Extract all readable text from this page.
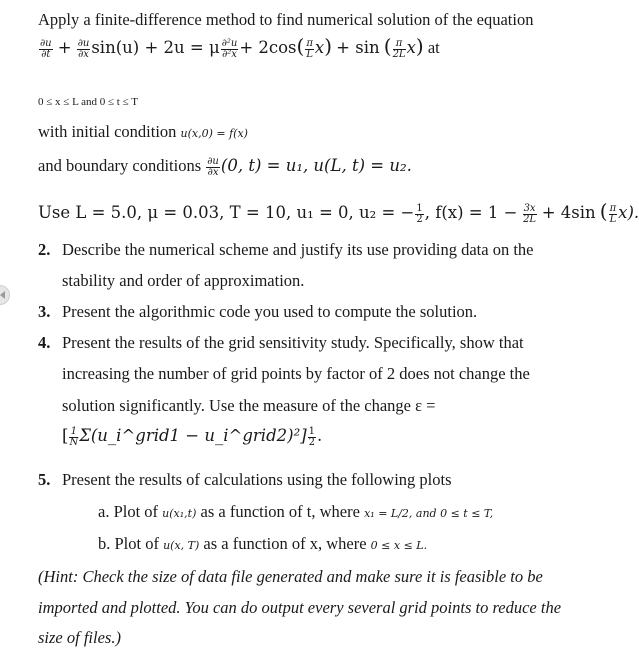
Apply a finite-difference method to find numerical solution of the equation
$\frac{\partial u}{\partial t} + \frac{\partial u}{\partial x} \sin(u) + 2u = \mu \frac{\text{∂²u}}{\text{∂²x}} + 2\cos( \frac{\pi}{L} x) + \sin$ ( $\frac{\pi}{2L} x$) at
0 ≤ x ≤ L and 0 ≤ t ≤ T
with initial condition u(x,0) = f(x)
and boundary conditions $\frac{\partial u}{\partial x} (0$, t) = u₁, u(L, t) = u₂.
Use L = 5.0, μ = 0.03, T = 10, u₁ = 0, u₂ = − $\frac{1}{2}$ , $f(x) = 1 - \frac{3x}{2L} + 4\sin$ ( $\frac{\pi}{L} x$).
2. Describe the numerical scheme and justify its use providing data on the
stability and order of approximation.
3. Present the algorithmic code you used to compute the solution.
4. Present the results of the grid sensitivity study. Specifically, show that
increasing the number of grid points by factor of 2 does not change the
solution significantly. Use the measure of the change ε =
[ $\frac{1}{N}$ Σ(u_i^grid1 − u_i^grid2)²] $\frac{1}{2}$ .
5. Present the results of calculations using the following plots
a. Plot of u(x₁,t) as a function of t, where x₁ = L/2, and 0 ≤ t ≤ T,
b. Plot of u(x, T) as a function of x, where 0 ≤ x ≤ L.
(Hint: Check the size of data file generated and make sure it is feasible to be
imported and plotted. You can do output every several grid points to reduce the
size of files.)
